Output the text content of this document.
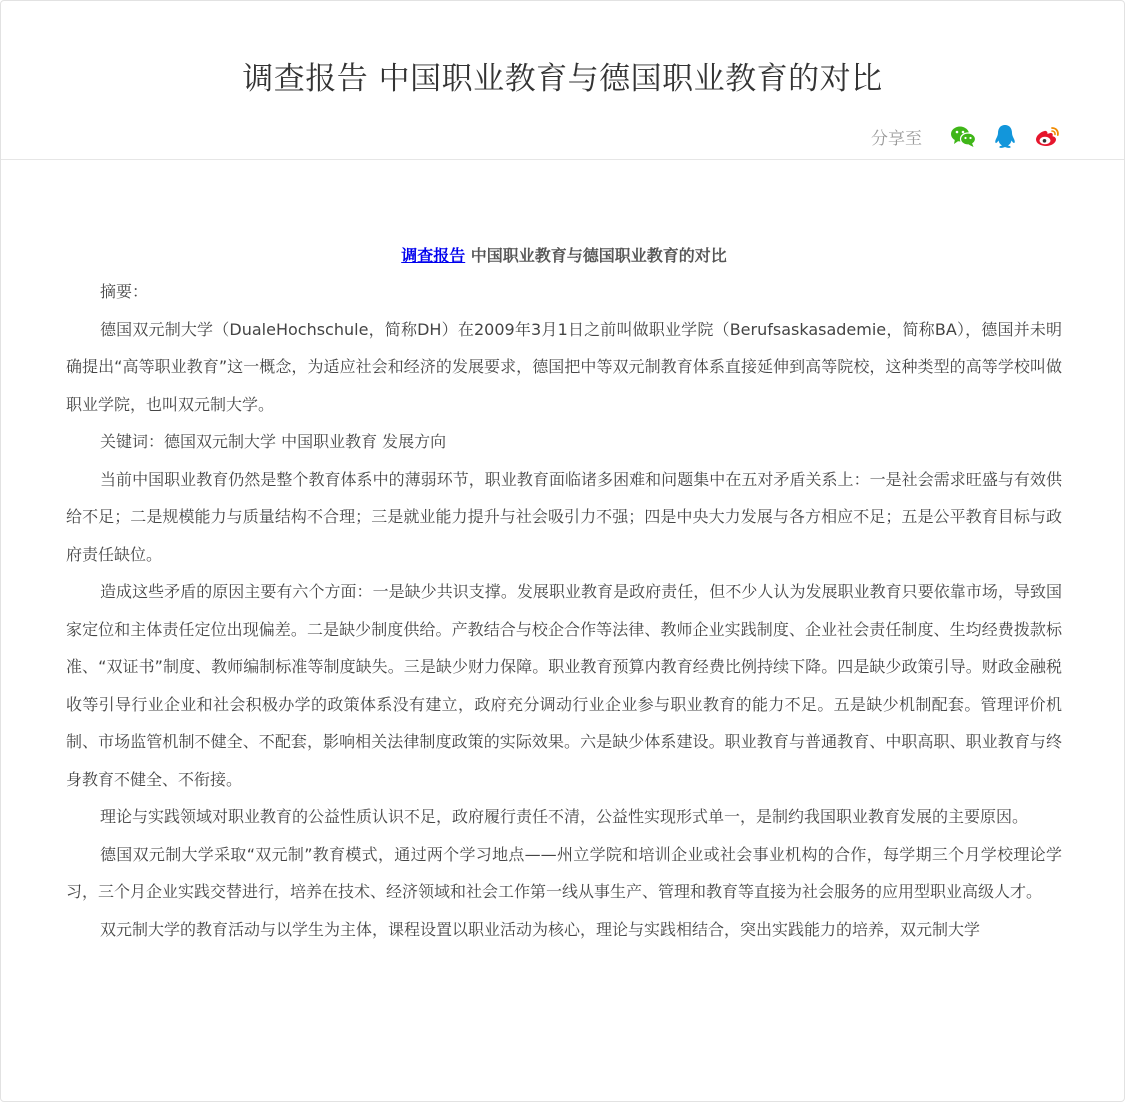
调查报告 中国职业教育与德国职业教育的对比
分享至

调查报告 中国职业教育与德国职业教育的对比

摘要：

德国双元制大学（DualeHochschule，简称DH）在2009年3月1日之前叫做职业学院（Berufsaskasademie，简称BA），德国并未明确提出“高等职业教育”这一概念，为适应社会和经济的发展要求，德国把中等双元制教育体系直接延伸到高等院校，这种类型的高等学校叫做职业学院，也叫双元制大学。

关键词：德国双元制大学 中国职业教育 发展方向

当前中国职业教育仍然是整个教育体系中的薄弱环节，职业教育面临诸多困难和问题集中在五对矛盾关系上：一是社会需求旺盛与有效供给不足；二是规模能力与质量结构不合理；三是就业能力提升与社会吸引力不强；四是中央大力发展与各方相应不足；五是公平教育目标与政府责任缺位。

造成这些矛盾的原因主要有六个方面：一是缺少共识支撑。发展职业教育是政府责任，但不少人认为发展职业教育只要依靠市场，导致国家定位和主体责任定位出现偏差。二是缺少制度供给。产教结合与校企合作等法律、教师企业实践制度、企业社会责任制度、生均经费拨款标准、“双证书”制度、教师编制标准等制度缺失。三是缺少财力保障。职业教育预算内教育经费比例持续下降。四是缺少政策引导。财政金融税收等引导行业企业和社会积极办学的政策体系没有建立，政府充分调动行业企业参与职业教育的能力不足。五是缺少机制配套。管理评价机制、市场监管机制不健全、不配套，影响相关法律制度政策的实际效果。六是缺少体系建设。职业教育与普通教育、中职高职、职业教育与终身教育不健全、不衔接。

理论与实践领域对职业教育的公益性质认识不足，政府履行责任不清，公益性实现形式单一，是制约我国职业教育发展的主要原因。

德国双元制大学采取“双元制”教育模式，通过两个学习地点——州立学院和培训企业或社会事业机构的合作，每学期三个月学校理论学习，三个月企业实践交替进行，培养在技术、经济领域和社会工作第一线从事生产、管理和教育等直接为社会服务的应用型职业高级人才。

双元制大学的教育活动与以学生为主体，课程设置以职业活动为核心，理论与实践相结合，突出实践能力的培养，双元制大学
